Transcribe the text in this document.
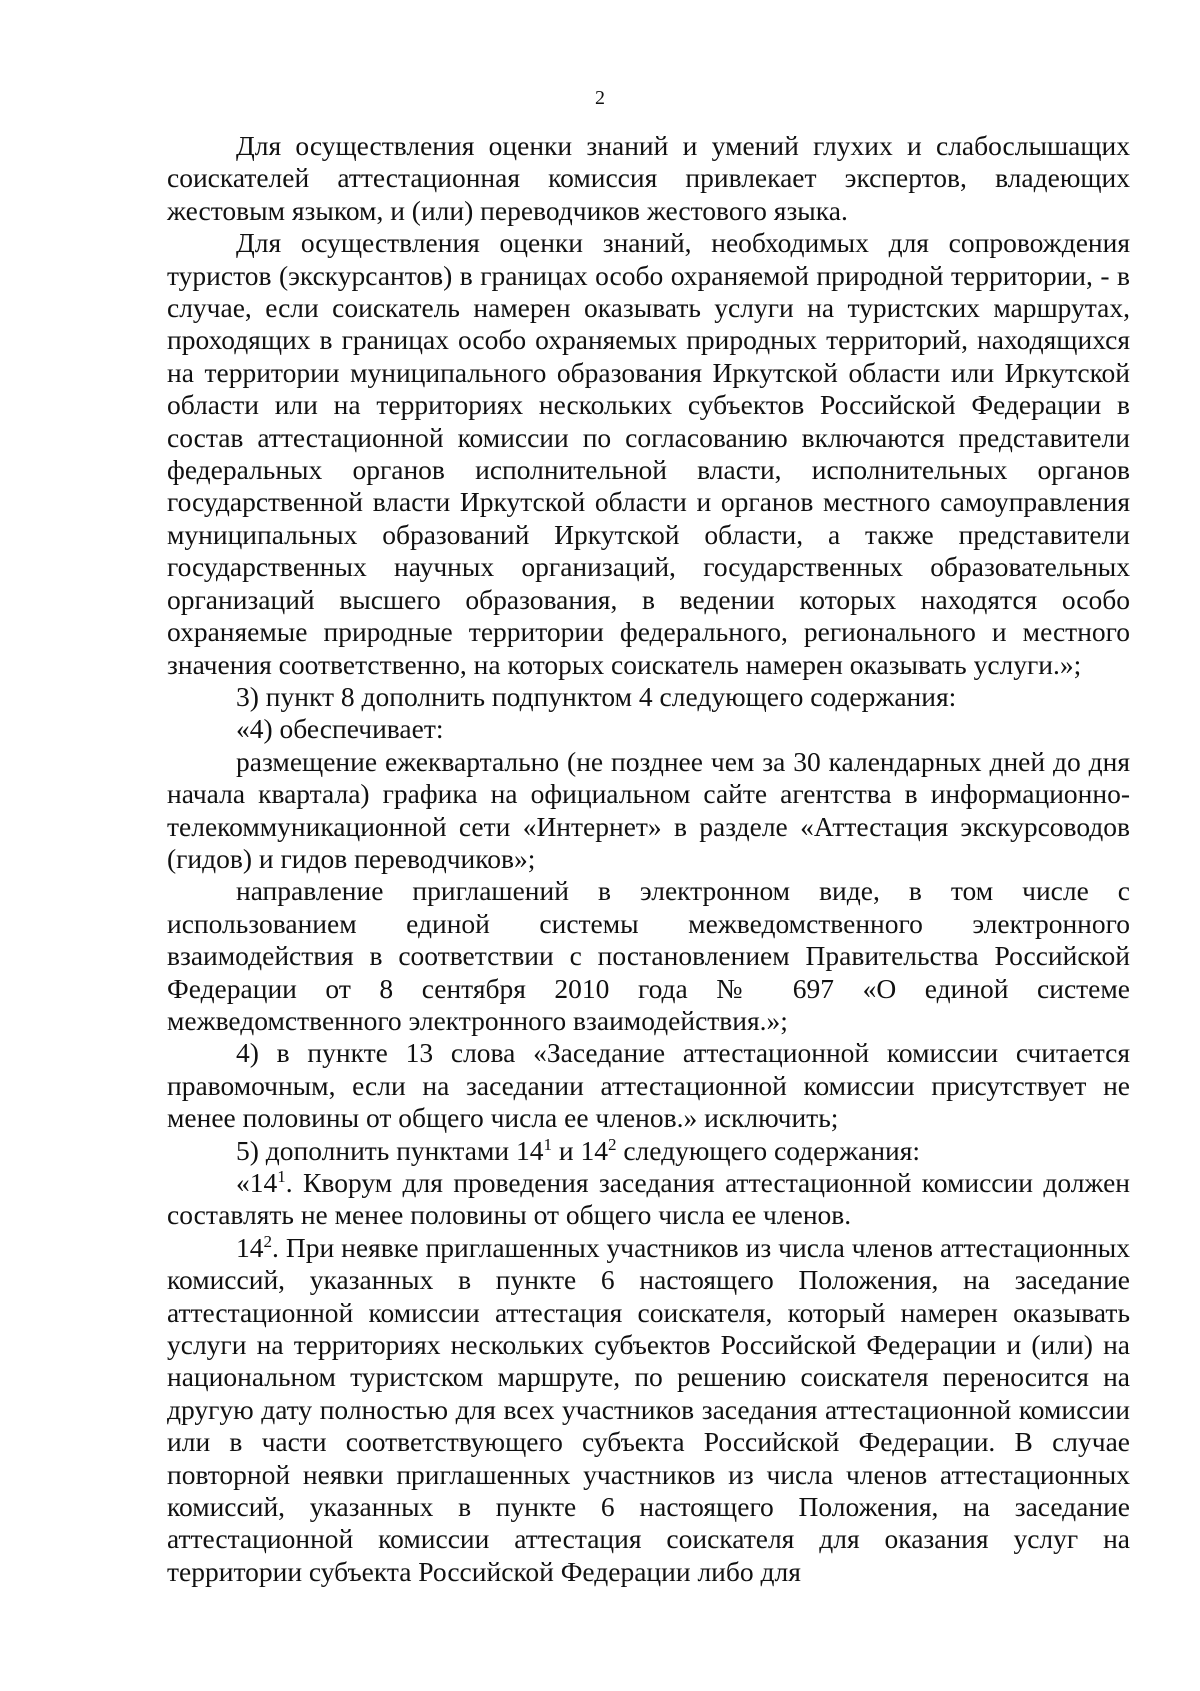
2

Для осуществления оценки знаний и умений глухих и слабослышащих соискателей аттестационная комиссия привлекает экспертов, владеющих жестовым языком, и (или) переводчиков жестового языка.

Для осуществления оценки знаний, необходимых для сопровождения туристов (экскурсантов) в границах особо охраняемой природной территории, - в случае, если соискатель намерен оказывать услуги на туристских маршрутах, проходящих в границах особо охраняемых природных территорий, находящихся на территории муниципального образования Иркутской области или Иркутской области или на территориях нескольких субъектов Российской Федерации в состав аттестационной комиссии по согласованию включаются представители федеральных органов исполнительной власти, исполнительных органов государственной власти Иркутской области и органов местного самоуправления муниципальных образований Иркутской области, а также представители государственных научных организаций, государственных образовательных организаций высшего образования, в ведении которых находятся особо охраняемые природные территории федерального, регионального и местного значения соответственно, на которых соискатель намерен оказывать услуги.»;

3) пункт 8 дополнить подпунктом 4 следующего содержания:

«4) обеспечивает:

размещение ежеквартально (не позднее чем за 30 календарных дней до дня начала квартала) графика на официальном сайте агентства в информационно-телекоммуникационной сети «Интернет» в разделе «Аттестация экскурсоводов (гидов) и гидов переводчиков»;

направление приглашений в электронном виде, в том числе с использованием единой системы межведомственного электронного взаимодействия в соответствии с постановлением Правительства Российской Федерации от 8 сентября 2010 года № 697 «О единой системе межведомственного электронного взаимодействия.»;

4) в пункте 13 слова «Заседание аттестационной комиссии считается правомочным, если на заседании аттестационной комиссии присутствует не менее половины от общего числа ее членов.» исключить;

5) дополнить пунктами $14^1$ и $14^2$ следующего содержания:

«$14^1$. Кворум для проведения заседания аттестационной комиссии должен составлять не менее половины от общего числа ее членов.

$14^2$. При неявке приглашенных участников из числа членов аттестационных комиссий, указанных в пункте 6 настоящего Положения, на заседание аттестационной комиссии аттестация соискателя, который намерен оказывать услуги на территориях нескольких субъектов Российской Федерации и (или) на национальном туристском маршруте, по решению соискателя переносится на другую дату полностью для всех участников заседания аттестационной комиссии или в части соответствующего субъекта Российской Федерации. В случае повторной неявки приглашенных участников из числа членов аттестационных комиссий, указанных в пункте 6 настоящего Положения, на заседание аттестационной комиссии аттестация соискателя для оказания услуг на территории субъекта Российской Федерации либо для
